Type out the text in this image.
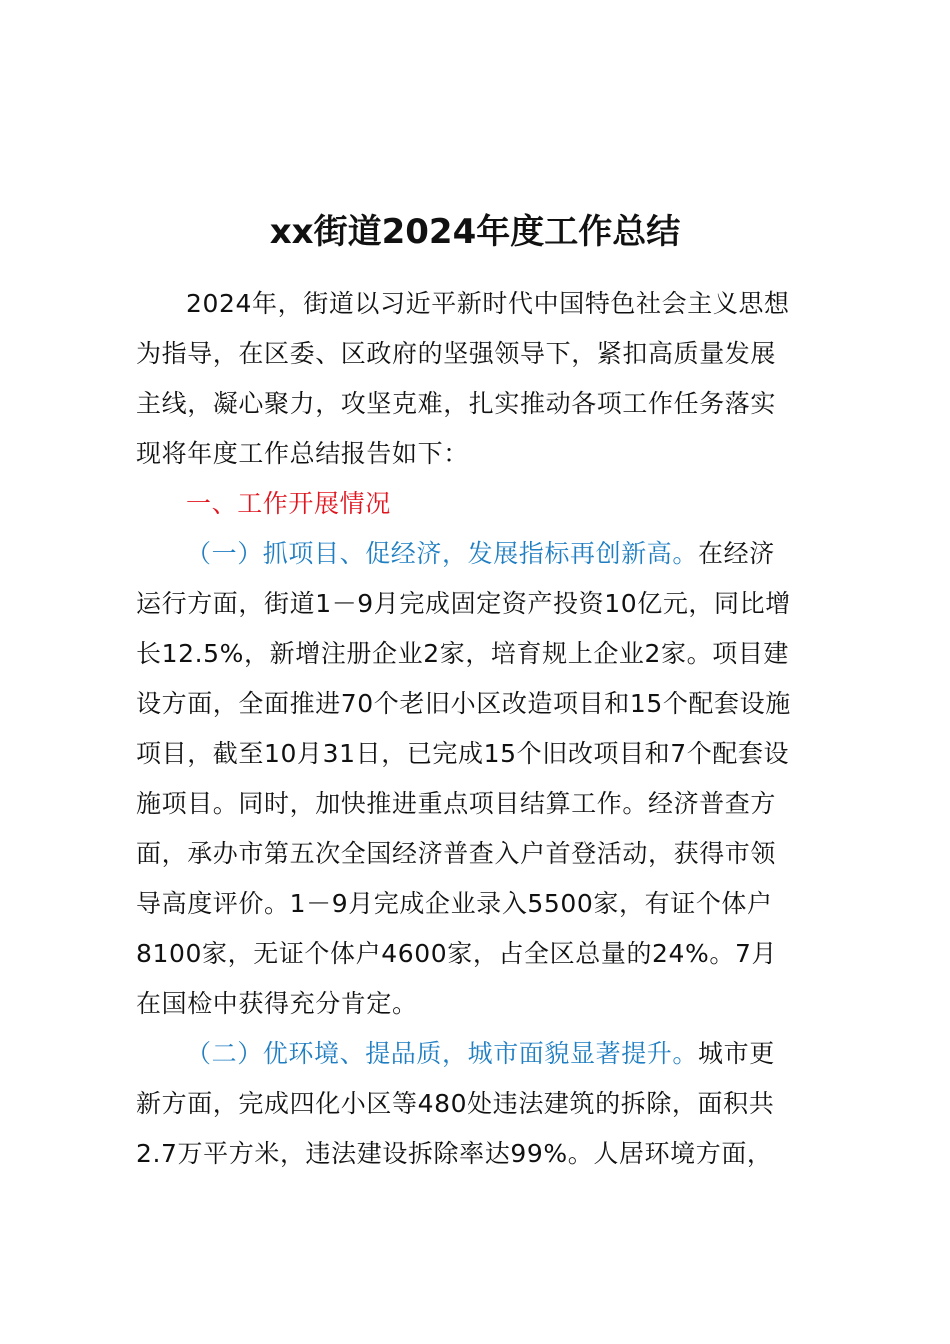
xx街道2024年度工作总结
2024年，街道以习近平新时代中国特色社会主义思想
为指导，在区委、区政府的坚强领导下，紧扣高质量发展
主线，凝心聚力，攻坚克难，扎实推动各项工作任务落实
现将年度工作总结报告如下：
一、工作开展情况
（一）抓项目、促经济，发展指标再创新高。在经济
运行方面，街道1－9月完成固定资产投资10亿元，同比增
长12.5%，新增注册企业2家，培育规上企业2家。项目建
设方面，全面推进70个老旧小区改造项目和15个配套设施
项目，截至10月31日，已完成15个旧改项目和7个配套设
施项目。同时，加快推进重点项目结算工作。经济普查方
面，承办市第五次全国经济普查入户首登活动，获得市领
导高度评价。1－9月完成企业录入5500家，有证个体户
8100家，无证个体户4600家，占全区总量的24%。7月
在国检中获得充分肯定。
（二）优环境、提品质，城市面貌显著提升。城市更
新方面，完成四化小区等480处违法建筑的拆除，面积共
2.7万平方米，违法建设拆除率达99%。人居环境方面，
